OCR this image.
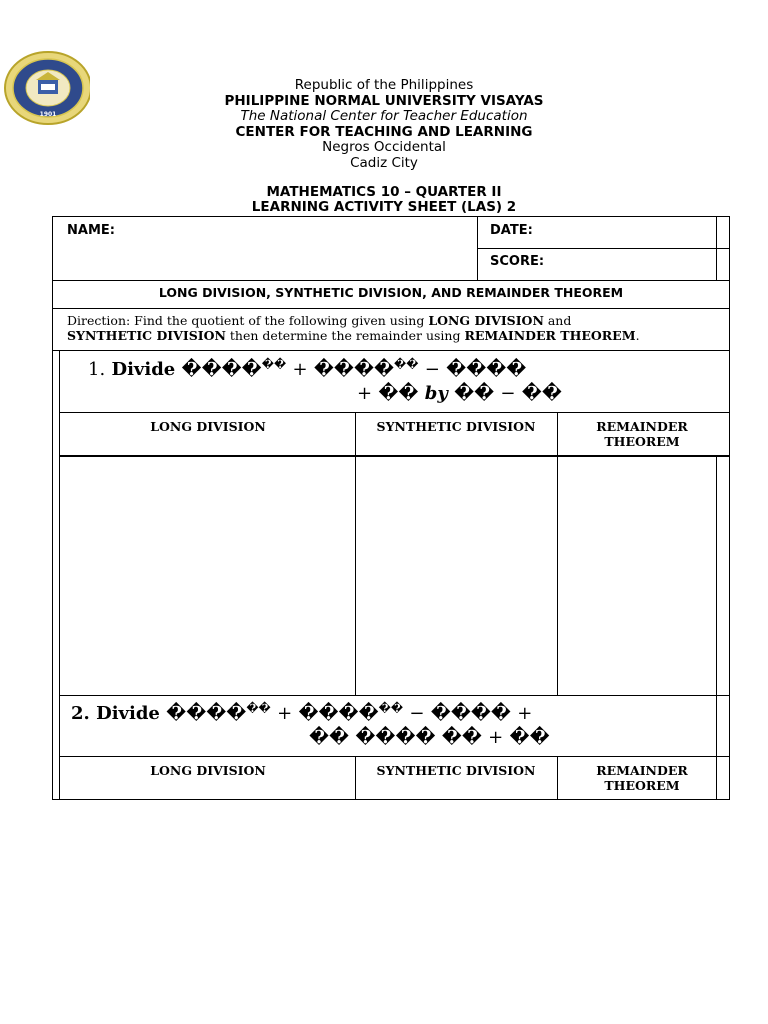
1901
Republic of the Philippines
PHILIPPINE NORMAL UNIVERSITY VISAYAS
The National Center for Teacher Education
CENTER FOR TEACHING AND LEARNING
Negros Occidental
Cadiz City
MATHEMATICS 10 – QUARTER II
LEARNING ACTIVITY SHEET (LAS) 2
NAME:	DATE:
SCORE:
LONG DIVISION, SYNTHETIC DIVISION, AND REMAINDER THEOREM
Direction: Find the quotient of the following given using LONG DIVISION and
SYNTHETIC DIVISION then determine the remainder using REMAINDER THEOREM.
1. Divide ������ + ������ − ����
+ �� by �� − ��
LONG DIVISION	SYNTHETIC DIVISION	REMAINDER
THEOREM
2. Divide ������ + ������ − ���� +
�� ���� �� + ��
LONG DIVISION	SYNTHETIC DIVISION	REMAINDER
THEOREM
